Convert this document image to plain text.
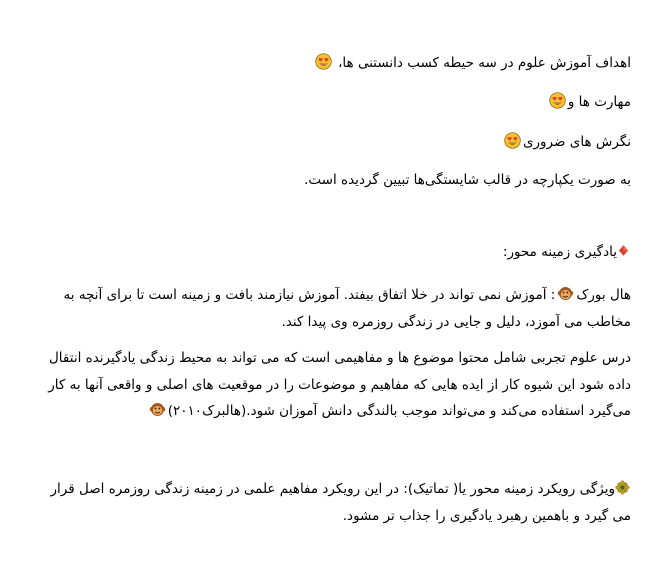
اهداف آموزش علوم در سه حیطه کسب دانستنی ها،
مهارت ها و
نگرش های ضروری
به صورت یکپارچه در قالب شایستگی‌ها تبیین گردیده است.
یادگیری زمینه محور:
هال بورک
: آموزش نمی تواند در خلا اتفاق بیفتد. آموزش نیازمند بافت و زمینه است تا برای آنچه به
مخاطب می آموزد، دلیل و جایی در زندگی روزمره وی پیدا کند.
درس علوم تجربی شامل محتوا موضوع ها و مفاهیمی است که می تواند به محیط زندگی یادگیرنده انتقال
داده شود این شیوه کار از ایده هایی که مفاهیم و موضوعات را در موقعیت های اصلی و واقعی آنها به کار
می‌گیرد استفاده می‌کند و می‌تواند موجب بالندگی دانش آموزان شود.(هالبرک۲۰۱۰)
ویژگی رویکرد زمینه محور یا( تماتیک): در این رویکرد مفاهیم علمی در زمینه زندگی روزمره اصل قرار
می گیرد و باهمین رهبرد یادگیری را جذاب تر مشود.
